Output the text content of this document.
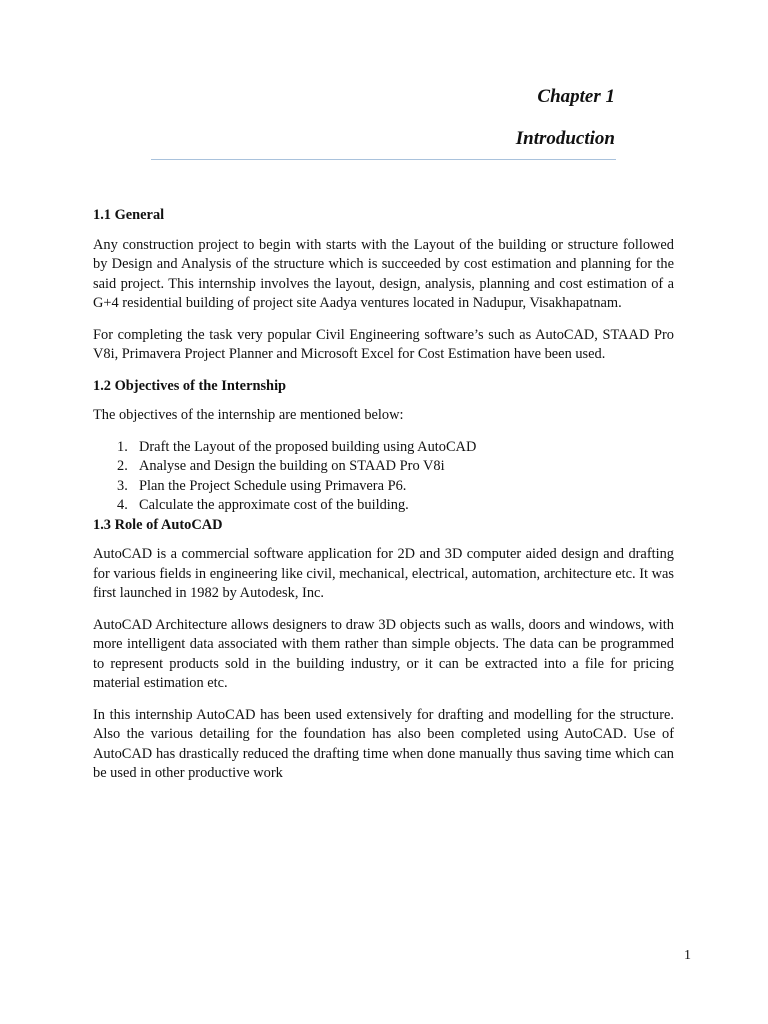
Chapter 1
Introduction
1.1 General

Any construction project to begin with starts with the Layout of the building or structure followed by Design and Analysis of the structure which is succeeded by cost estimation and planning for the said project. This internship involves the layout, design, analysis, planning and cost estimation of a G+4 residential building of project site Aadya ventures located in Nadupur, Visakhapatnam.

For completing the task very popular Civil Engineering software’s such as AutoCAD, STAAD Pro V8i, Primavera Project Planner and Microsoft Excel for Cost Estimation have been used.

1.2 Objectives of the Internship

The objectives of the internship are mentioned below:

1. Draft the Layout of the proposed building using AutoCAD
2. Analyse and Design the building on STAAD Pro V8i
3. Plan the Project Schedule using Primavera P6.
4. Calculate the approximate cost of the building.
1.3 Role of AutoCAD

AutoCAD is a commercial software application for 2D and 3D computer aided design and drafting for various fields in engineering like civil, mechanical, electrical, automation, architecture etc. It was first launched in 1982 by Autodesk, Inc.

AutoCAD Architecture allows designers to draw 3D objects such as walls, doors and windows, with more intelligent data associated with them rather than simple objects. The data can be programmed to represent products sold in the building industry, or it can be extracted into a file for pricing material estimation etc.

In this internship AutoCAD has been used extensively for drafting and modelling for the structure. Also the various detailing for the foundation has also been completed using AutoCAD. Use of AutoCAD has drastically reduced the drafting time when done manually thus saving time which can be used in other productive work

1
